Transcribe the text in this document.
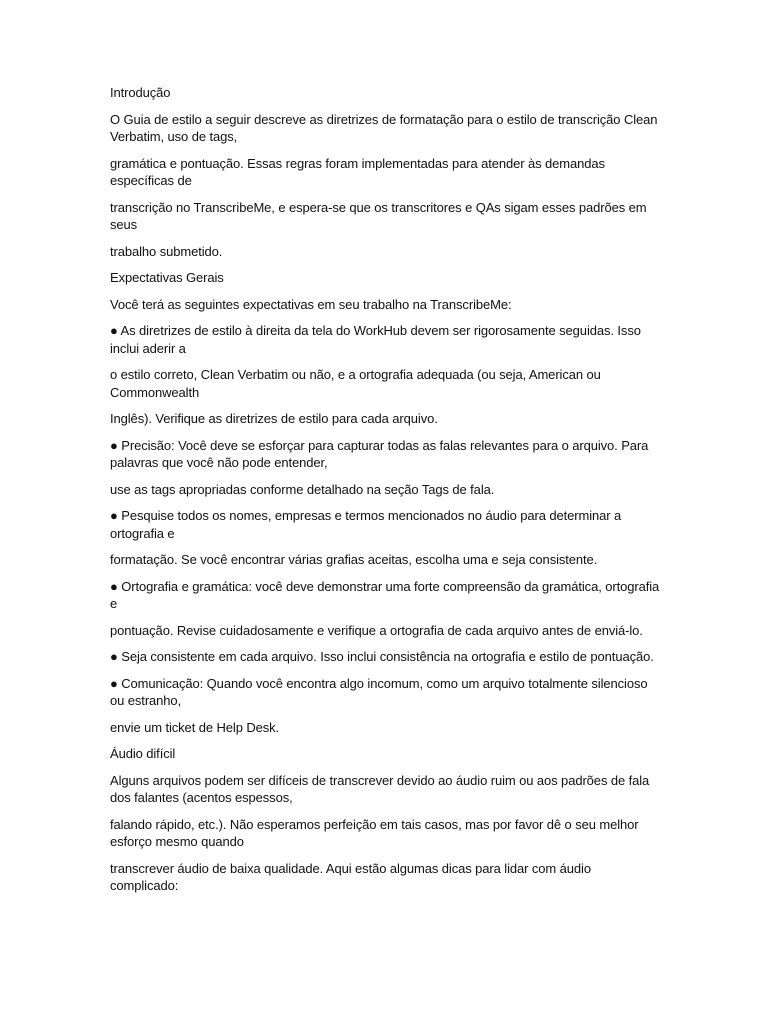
Introdução

O Guia de estilo a seguir descreve as diretrizes de formatação para o estilo de transcrição Clean Verbatim, uso de tags,

gramática e pontuação. Essas regras foram implementadas para atender às demandas específicas de

transcrição no TranscribeMe, e espera-se que os transcritores e QAs sigam esses padrões em seus

trabalho submetido.

Expectativas Gerais

Você terá as seguintes expectativas em seu trabalho na TranscribeMe:

● As diretrizes de estilo à direita da tela do WorkHub devem ser rigorosamente seguidas. Isso inclui aderir a

o estilo correto, Clean Verbatim ou não, e a ortografia adequada (ou seja, American ou Commonwealth

Inglês). Verifique as diretrizes de estilo para cada arquivo.

● Precisão: Você deve se esforçar para capturar todas as falas relevantes para o arquivo. Para palavras que você não pode entender,

use as tags apropriadas conforme detalhado na seção Tags de fala.

● Pesquise todos os nomes, empresas e termos mencionados no áudio para determinar a ortografia e

formatação. Se você encontrar várias grafias aceitas, escolha uma e seja consistente.

● Ortografia e gramática: você deve demonstrar uma forte compreensão da gramática, ortografia e

pontuação. Revise cuidadosamente e verifique a ortografia de cada arquivo antes de enviá-lo.

● Seja consistente em cada arquivo. Isso inclui consistência na ortografia e estilo de pontuação.

● Comunicação: Quando você encontra algo incomum, como um arquivo totalmente silencioso ou estranho,

envie um ticket de Help Desk.

Áudio difícil

Alguns arquivos podem ser difíceis de transcrever devido ao áudio ruim ou aos padrões de fala dos falantes (acentos espessos,

falando rápido, etc.). Não esperamos perfeição em tais casos, mas por favor dê o seu melhor esforço mesmo quando

transcrever áudio de baixa qualidade. Aqui estão algumas dicas para lidar com áudio complicado:
